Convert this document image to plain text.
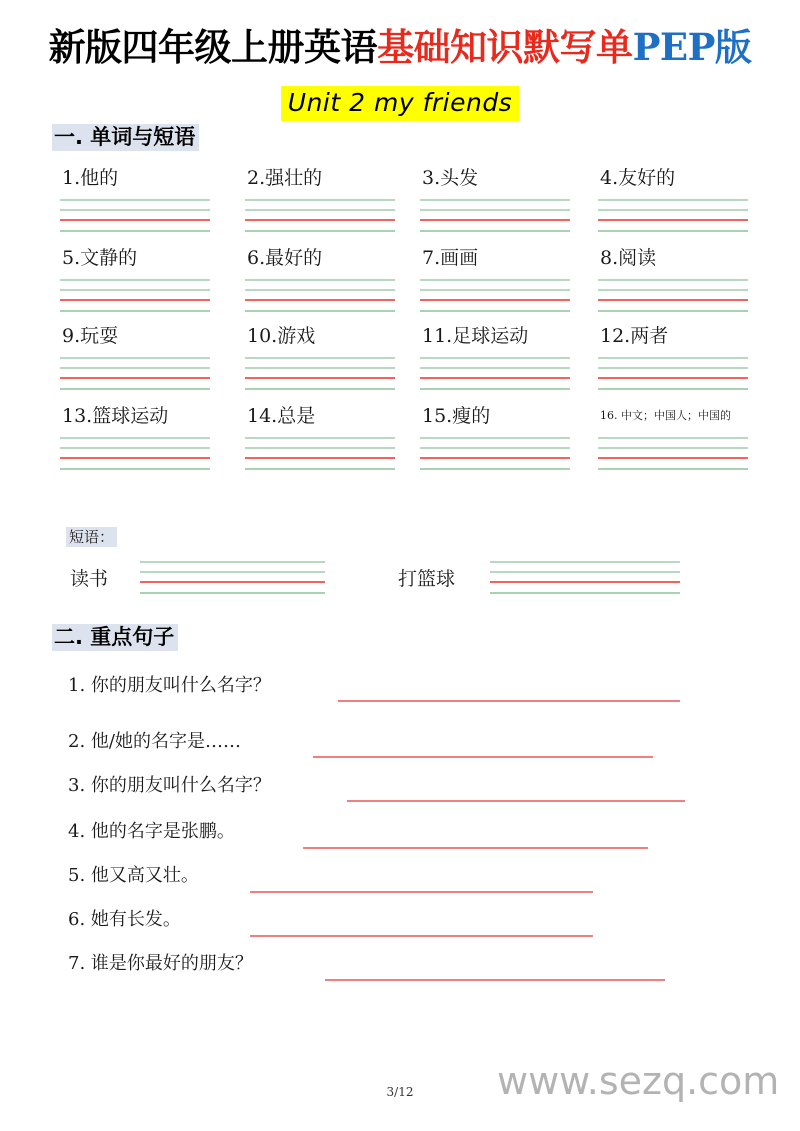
新版四年级上册英语基础知识默写单PEP版
Unit 2 my friends
一. 单词与短语
1.他的	2.强壮的	3.头发	4.友好的
5.文静的	6.最好的	7.画画	8.阅读
9.玩耍	10.游戏	11.足球运动	12.两者
13.篮球运动	14.总是	15.瘦的	16. 中文；中国人；中国的
短语：
读书	打篮球
二. 重点句子
1. 你的朋友叫什么名字？
2. 他/她的名字是……
3. 你的朋友叫什么名字？
4. 他的名字是张鹏。
5. 他又高又壮。
6. 她有长发。
7. 谁是你最好的朋友？
3/12	www.sezq.com
